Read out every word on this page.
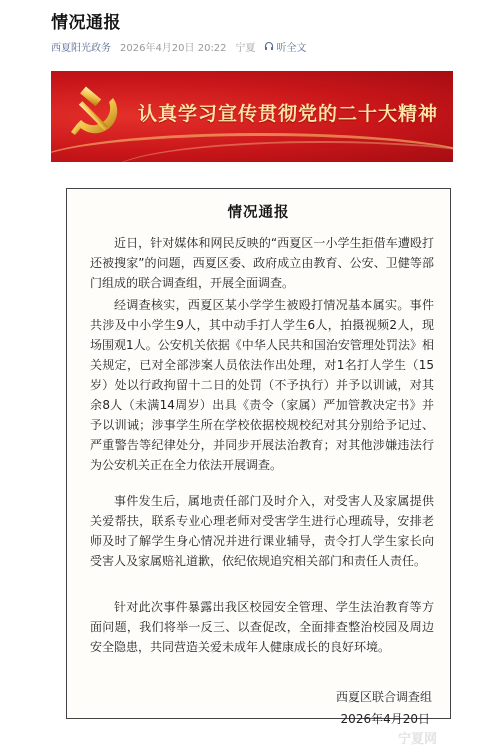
情况通报
西夏阳光政务 2026年4月20日 20:22 宁夏 听全文
认真学习宣传贯彻党的二十大精神
情况通报

近日，针对媒体和网民反映的“西夏区一小学生拒借车遭殴打还被搜家”的问题，西夏区委、政府成立由教育、公安、卫健等部门组成的联合调查组，开展全面调查。

经调查核实，西夏区某小学学生被殴打情况基本属实。事件共涉及中小学生9人，其中动手打人学生6人，拍摄视频2人，现场围观1人。公安机关依据《中华人民共和国治安管理处罚法》相关规定，已对全部涉案人员依法作出处理，对1名打人学生（15岁）处以行政拘留十二日的处罚（不予执行）并予以训诫，对其余8人（未满14周岁）出具《责令（家属）严加管教决定书》并予以训诫；涉事学生所在学校依据校规校纪对其分别给予记过、严重警告等纪律处分，并同步开展法治教育；对其他涉嫌违法行为公安机关正在全力依法开展调查。

事件发生后，属地责任部门及时介入，对受害人及家属提供关爱帮扶，联系专业心理老师对受害学生进行心理疏导，安排老师及时了解学生身心情况并进行课业辅导，责令打人学生家长向受害人及家属赔礼道歉，依纪依规追究相关部门和责任人责任。

针对此次事件暴露出我区校园安全管理、学生法治教育等方面问题，我们将举一反三、以查促改，全面排查整治校园及周边安全隐患，共同营造关爱未成年人健康成长的良好环境。

西夏区联合调查组
2026年4月20日
宁夏网
